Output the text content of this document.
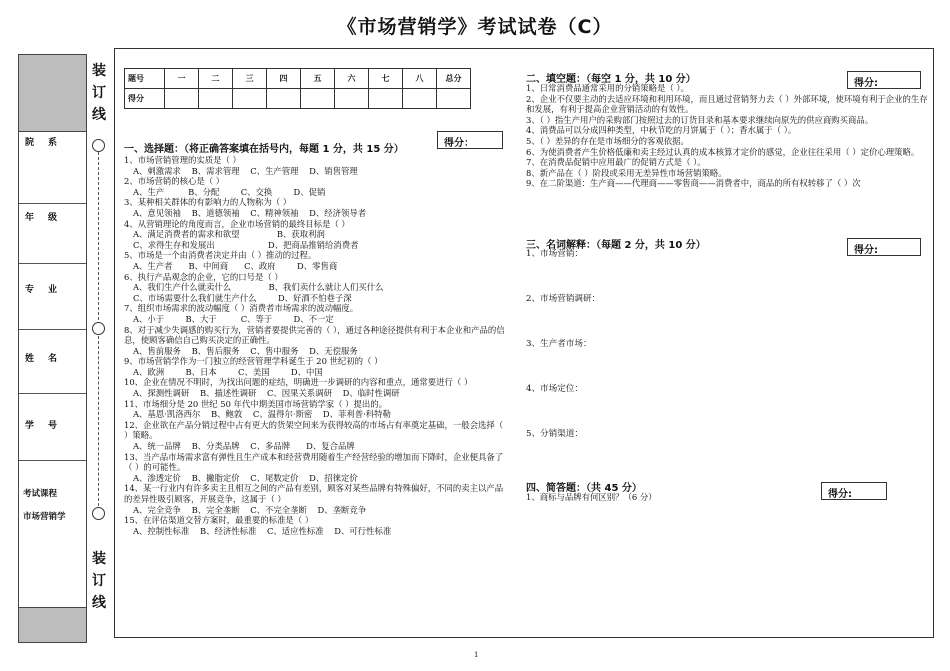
《市场营销学》考试试卷（C）
院系
年级
专业
姓名
学号
考试课程
市场营销学
装
订
线
装
订
线
题号	一	二	三	四	五	六	七	八	总分
得分									
得分：
一、选择题：（将正确答案填在括号内，每题 1 分，共 15 分）
1、市场营销管理的实质是（ ）
A、刺激需求    B、需求管理    C、生产管理    D、销售管理
2、市场营销的核心是（ ）
A、生产         B、分配        C、交换        D、促销
3、某种相关群体的有影响力的人物称为（ ）
A、意见领袖    B、道德领袖    C、精神领袖    D、经济领导者
4、从营销理论的角度而言，企业市场营销的最终目标是（ ）
A、满足消费者的需求和欲望              B、获取利润
C、求得生存和发展出                    D、把商品推销给消费者
5、市场是一个由消费者决定并由（ ）推动的过程。
A、生产者      B、中间商      C、政府        D、零售商
6、执行产品观念的企业，它的口号是（ ）
A、我们生产什么就卖什么              B、我们卖什么就让人们买什么
C、市场需要什么我们就生产什么        D、好酒不怕巷子深
7、组织市场需求的波动幅度（ ）消费者市场需求的波动幅度。
A、小于        B、大于         C、等于        D、不一定
8、对于减少失调感的购买行为，营销者要提供完善的（ ），通过各种途径提供有利于本企业和产品的信息，使顾客确信自己购买决定的正确性。
A、售前服务    B、售后服务    C、售中服务    D、无偿服务
9、市场营销学作为一门独立的经营管理学科诞生于 20 世纪初的（ ）
A、欧洲        B、日本        C、美国        D、中国
10、企业在情况不明时，为找出问题的症结，明确进一步调研的内容和重点，通常要进行（ ）
A、探测性调研    B、描述性调研    C、因果关系调研    D、临时性调研
11、市场细分是 20 世纪 50 年代中期美国市场营销学家（ ）提出的。
A、基恩·凯洛西尔    B、鲍敦    C、温得尔·斯密    D、菲利普·科特勒
12、企业欲在产品分销过程中占有更大的货架空间来为获得较高的市场占有率奠定基础，一般会选择（ ）策略。
A、统一品牌    B、分类品牌    C、多品牌      D、复合品牌
13、当产品市场需求富有弹性且生产成本和经营费用随着生产经营经验的增加而下降时，企业便具备了（ ）的可能性。
A、渗透定价    B、撇脂定价    C、尾数定价    D、招徕定价
14、某一行业内有许多卖主且相互之间的产品有差别，顾客对某些品牌有特殊偏好，不同的卖主以产品的差异性吸引顾客，开展竞争，这属于（ ）
A、完全竞争    B、完全垄断    C、不完全垄断    D、垄断竞争
15、在评估渠道交替方案时，最重要的标准是（ ）
A、控制性标准    B、经济性标准    C、适应性标准    D、可行性标准
二、填空题：（每空 1 分，共 10 分）	得分:
1、日常消费品通常采用的分销策略是（ ）。
2、企业不仅要主动的去适应环境和利用环境，而且通过营销努力去（ ）外部环境，使环境有利于企业的生存和发展，有利于提高企业营销活动的有效性。
3、（ ）指生产用户的采购部门按照过去的订货目录和基本要求继续向原先的供应商购买商品。
4、消费品可以分成四种类型，中秋节吃的月饼属于（ ）；香水属于（ ）。
5、（ ）差异的存在是市场细分的客观依据。
6、为使消费者产生价格低廉和卖主经过认真的成本核算才定价的感觉，企业往往采用（ ）定价心理策略。
7、在消费品促销中应用最广的促销方式是（ ）。
8、新产品在（ ）阶段或采用无差异性市场营销策略。
9、在二阶渠道：生产商——代理商——零售商——消费者中，商品的所有权转移了（ ）次
三、名词解释：（每题 2 分，共 10 分）	得分:
1、市场营销：
2、市场营销调研：
3、生产者市场：
4、市场定位：
5、分销渠道：
四、简答题：（共 45 分）
得分:
1、商标与品牌有何区别？（6 分）
1
